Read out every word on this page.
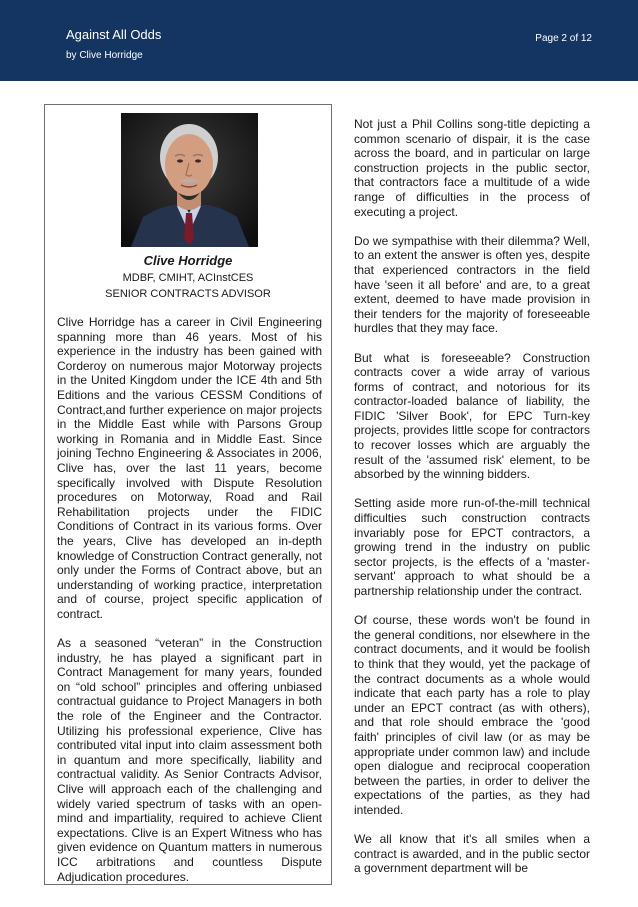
Against All Odds
by Clive Horridge
Page 2 of 12
Clive Horridge
MDBF, CMIHT, ACInstCES
SENIOR CONTRACTS ADVISOR

Clive Horridge has a career in Civil Engineering spanning more than 46 years. Most of his experience in the industry has been gained with Corderoy on numerous major Motorway projects in the United Kingdom under the ICE 4th and 5th Editions and the various CESSM Conditions of Contract,and further experience on major projects in the Middle East while with Parsons Group working in Romania and in Middle East. Since joining Techno Engineering & Associates in 2006, Clive has, over the last 11 years, become specifically involved with Dispute Resolution procedures on Motorway, Road and Rail Rehabilitation projects under the FIDIC Conditions of Contract in its various forms. Over the years, Clive has developed an in-depth knowledge of Construction Contract generally, not only under the Forms of Contract above, but an understanding of working practice, interpretation and of course, project specific application of contract.

As a seasoned “veteran” in the Construction industry, he has played a significant part in Contract Management for many years, founded on “old school” principles and offering unbiased contractual guidance to Project Managers in both the role of the Engineer and the Contractor. Utilizing his professional experience, Clive has contributed vital input into claim assessment both in quantum and more specifically, liability and contractual validity. As Senior Contracts Advisor, Clive will approach each of the challenging and widely varied spectrum of tasks with an open-mind and impartiality, required to achieve Client expectations. Clive is an Expert Witness who has given evidence on Quantum matters in numerous ICC arbitrations and countless Dispute Adjudication procedures.

Not just a Phil Collins song-title depicting a common scenario of dispair, it is the case across the board, and in particular on large construction projects in the public sector, that contractors face a multitude of a wide range of difficulties in the process of executing a project.

Do we sympathise with their dilemma? Well, to an extent the answer is often yes, despite that experienced contractors in the field have 'seen it all before' and are, to a great extent, deemed to have made provision in their tenders for the majority of foreseeable hurdles that they may face.

But what is foreseeable? Construction contracts cover a wide array of various forms of contract, and notorious for its contractor-loaded balance of liability, the FIDIC 'Silver Book', for EPC Turn-key projects, provides little scope for contractors to recover losses which are arguably the result of the 'assumed risk' element, to be absorbed by the winning bidders.

Setting aside more run-of-the-mill technical difficulties such construction contracts invariably pose for EPCT contractors, a growing trend in the industry on public sector projects, is the effects of a 'master-servant' approach to what should be a partnership relationship under the contract.

Of course, these words won't be found in the general conditions, nor elsewhere in the contract documents, and it would be foolish to think that they would, yet the package of the contract documents as a whole would indicate that each party has a role to play under an EPCT contract (as with others), and that role should embrace the 'good faith' principles of civil law (or as may be appropriate under common law) and include open dialogue and reciprocal cooperation between the parties, in order to deliver the expectations of the parties, as they had intended.

We all know that it's all smiles when a contract is awarded, and in the public sector a government department will be
